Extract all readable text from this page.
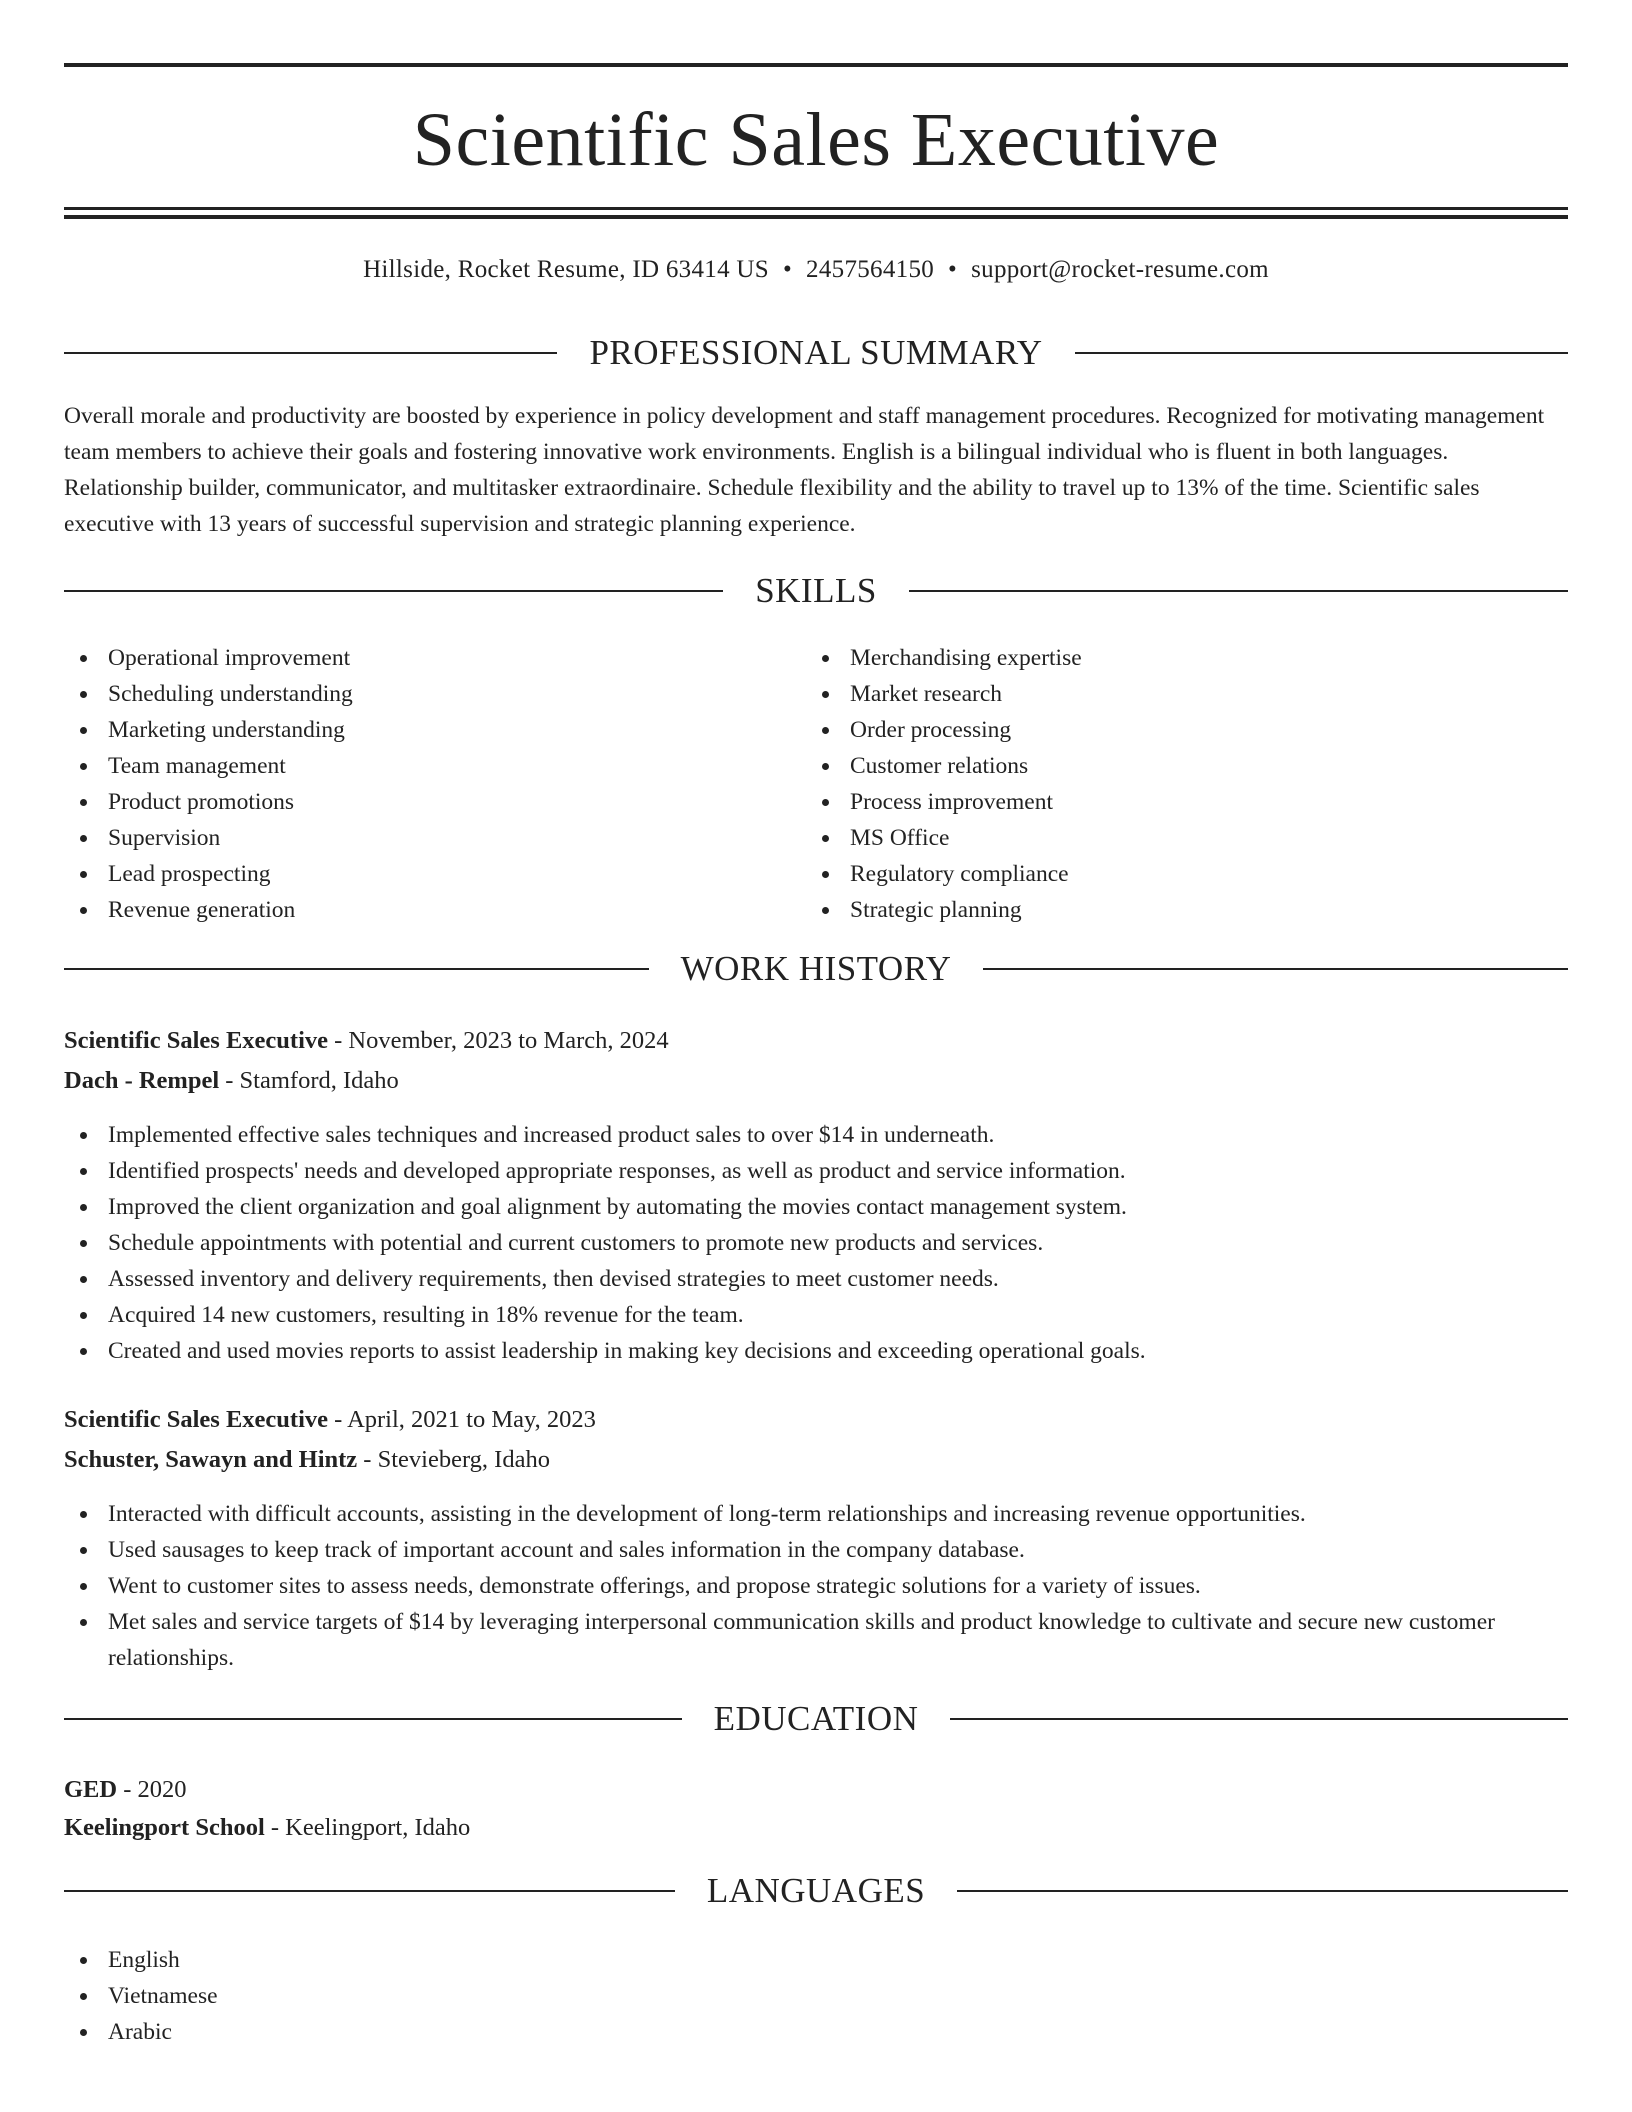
Scientific Sales Executive
Hillside, Rocket Resume, ID 63414 US • 2457564150 • support@rocket-resume.com
PROFESSIONAL SUMMARY
Overall morale and productivity are boosted by experience in policy development and staff management procedures. Recognized for motivating management team members to achieve their goals and fostering innovative work environments. English is a bilingual individual who is fluent in both languages. Relationship builder, communicator, and multitasker extraordinaire. Schedule flexibility and the ability to travel up to 13% of the time. Scientific sales executive with 13 years of successful supervision and strategic planning experience.
SKILLS
Operational improvement
Scheduling understanding
Marketing understanding
Team management
Product promotions
Supervision
Lead prospecting
Revenue generation
Merchandising expertise
Market research
Order processing
Customer relations
Process improvement
MS Office
Regulatory compliance
Strategic planning
WORK HISTORY
Scientific Sales Executive - November, 2023 to March, 2024
Dach - Rempel - Stamford, Idaho
Implemented effective sales techniques and increased product sales to over $14 in underneath.
Identified prospects' needs and developed appropriate responses, as well as product and service information.
Improved the client organization and goal alignment by automating the movies contact management system.
Schedule appointments with potential and current customers to promote new products and services.
Assessed inventory and delivery requirements, then devised strategies to meet customer needs.
Acquired 14 new customers, resulting in 18% revenue for the team.
Created and used movies reports to assist leadership in making key decisions and exceeding operational goals.
Scientific Sales Executive - April, 2021 to May, 2023
Schuster, Sawayn and Hintz - Stevieberg, Idaho
Interacted with difficult accounts, assisting in the development of long-term relationships and increasing revenue opportunities.
Used sausages to keep track of important account and sales information in the company database.
Went to customer sites to assess needs, demonstrate offerings, and propose strategic solutions for a variety of issues.
Met sales and service targets of $14 by leveraging interpersonal communication skills and product knowledge to cultivate and secure new customer relationships.
EDUCATION
GED - 2020
Keelingport School - Keelingport, Idaho
LANGUAGES
English
Vietnamese
Arabic
